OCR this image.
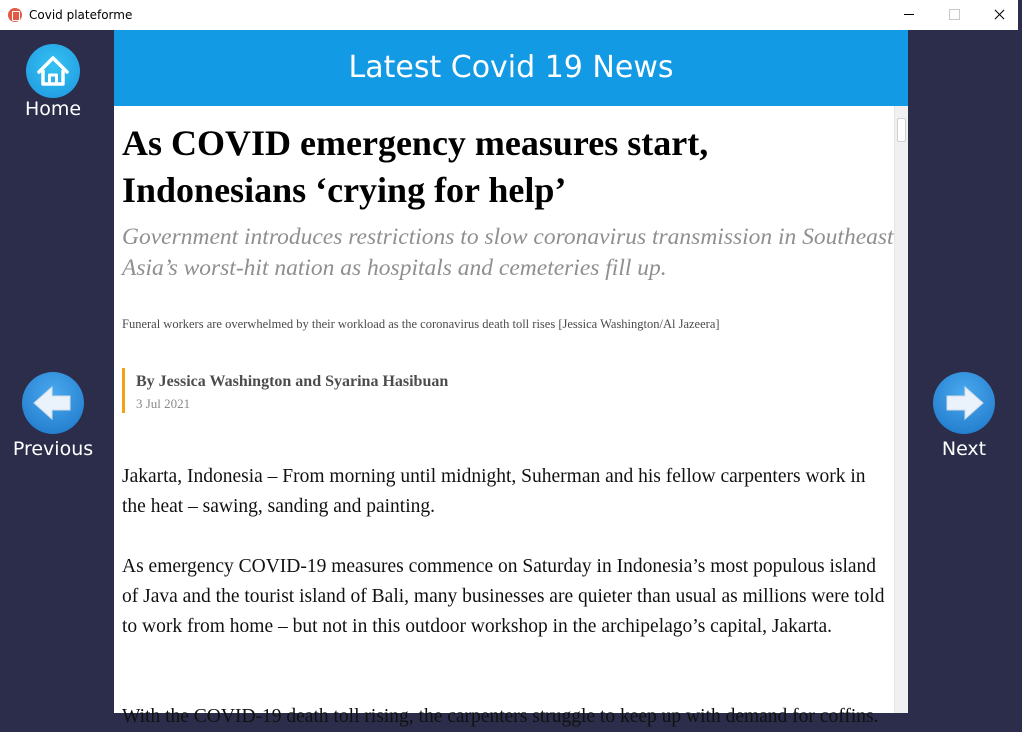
Covid plateforme
Home
Previous	Next
Latest Covid 19 News
As COVID emergency measures start, Indonesians ‘crying for help’

Government introduces restrictions to slow coronavirus transmission in Southeast Asia’s worst-hit nation as hospitals and cemeteries fill up.

Funeral workers are overwhelmed by their workload as the coronavirus death toll rises [Jessica Washington/Al Jazeera]

By Jessica Washington and Syarina Hasibuan
3 Jul 2021

Jakarta, Indonesia – From morning until midnight, Suherman and his fellow carpenters work in the heat – sawing, sanding and painting.

As emergency COVID-19 measures commence on Saturday in Indonesia’s most populous island of Java and the tourist island of Bali, many businesses are quieter than usual as millions were told to work from home – but not in this outdoor workshop in the archipelago’s capital, Jakarta.

With the COVID-19 death toll rising, the carpenters struggle to keep up with demand for coffins.
